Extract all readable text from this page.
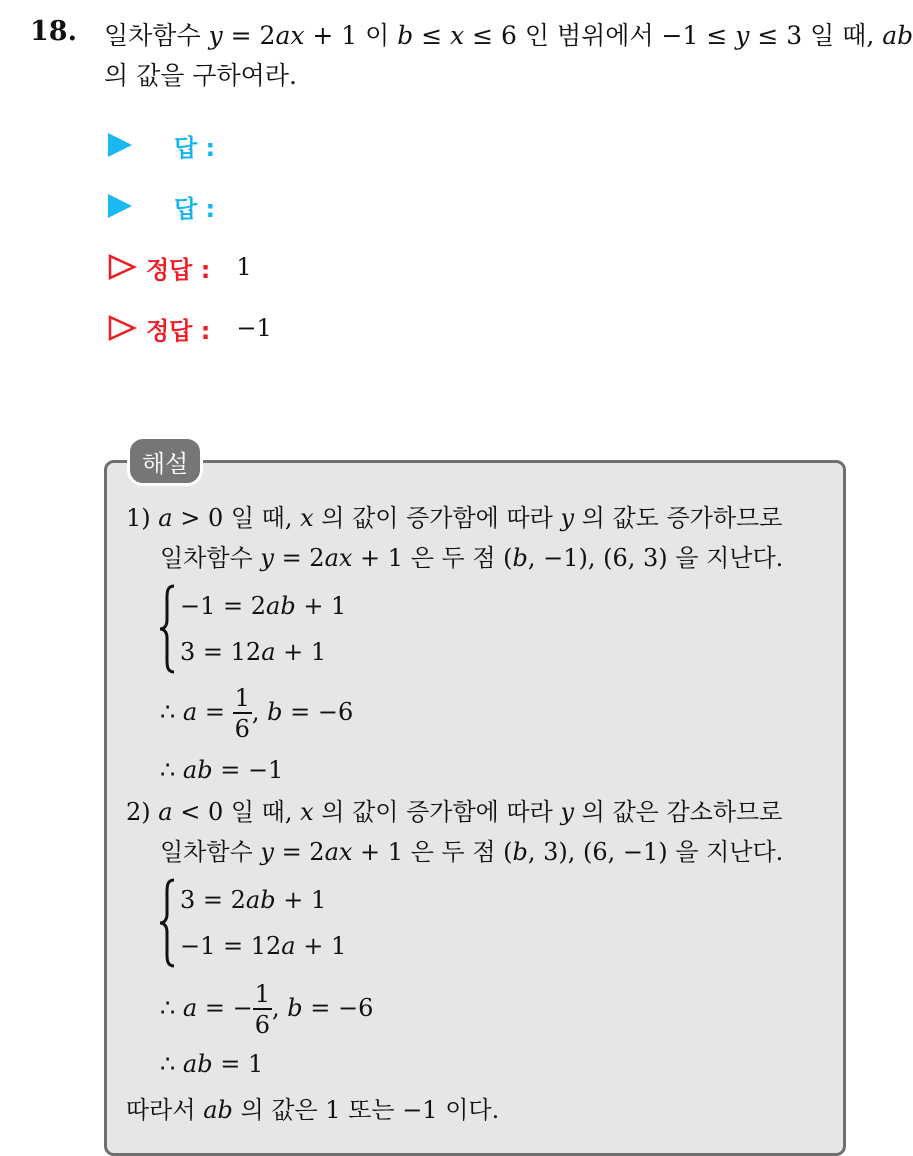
18. 일차함수 y = 2ax + 1 이 b ≤ x ≤ 6 인 범위에서 −1 ≤ y ≤ 3 일 때, ab
의 값을 구하여라.
답 :
답 :
정답 : 1
정답 : −1
해설
1) a > 0 일 때, x 의 값이 증가함에 따라 y 의 값도 증가하므로
일차함수 y = 2ax + 1 은 두 점 (b, −1), (6, 3) 을 지난다.
−1 = 2ab + 1
3 = 12a + 1
∴ $a = \frac{1}{6}$ , b = −6
∴ ab = −1
2) a < 0 일 때, x 의 값이 증가함에 따라 y 의 값은 감소하므로
일차함수 y = 2ax + 1 은 두 점 (b, 3), (6, −1) 을 지난다.
3 = 2ab + 1
−1 = 12a + 1
∴ a = − $\frac{1}{6}$ , b = −6
∴ ab = 1
따라서 ab 의 값은 1 또는 −1 이다.
